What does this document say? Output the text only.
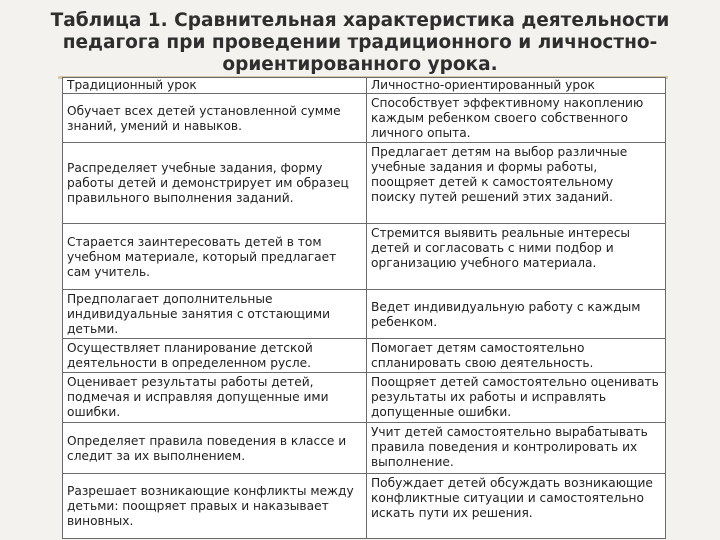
Таблица 1. Сравнительная характеристика деятельности
педагога при проведении традиционного и личностно-
ориентированного урока.
Традиционный урок	Личностно-ориентированный урок
Обучает всех детей установленной сумме знаний, умений и навыков.	Способствует эффективному накоплению каждым ребенком своего собственного личного опыта.
Распределяет учебные задания, форму работы детей и демонстрирует им образец правильного выполнения заданий.	Предлагает детям на выбор различные учебные задания и формы работы, поощряет детей к самостоятельному поиску путей решений этих заданий.
Старается заинтересовать детей в том учебном материале, который предлагает сам учитель.	Стремится выявить реальные интересы детей и согласовать с ними подбор и организацию учебного материала.
Предполагает дополнительные индивидуальные занятия с отстающими детьми.	Ведет индивидуальную работу с каждым ребенком.
Осуществляет планирование детской деятельности в определенном русле.	Помогает детям самостоятельно спланировать свою деятельность.
Оценивает результаты работы детей, подмечая и исправляя допущенные ими ошибки.	Поощряет детей самостоятельно оценивать результаты их работы и исправлять допущенные ошибки.
Определяет правила поведения в классе и следит за их выполнением.	Учит детей самостоятельно вырабатывать правила поведения и контролировать их выполнение.
Разрешает возникающие конфликты между детьми: поощряет правых и наказывает виновных.	Побуждает детей обсуждать возникающие конфликтные ситуации и самостоятельно искать пути их решения.
